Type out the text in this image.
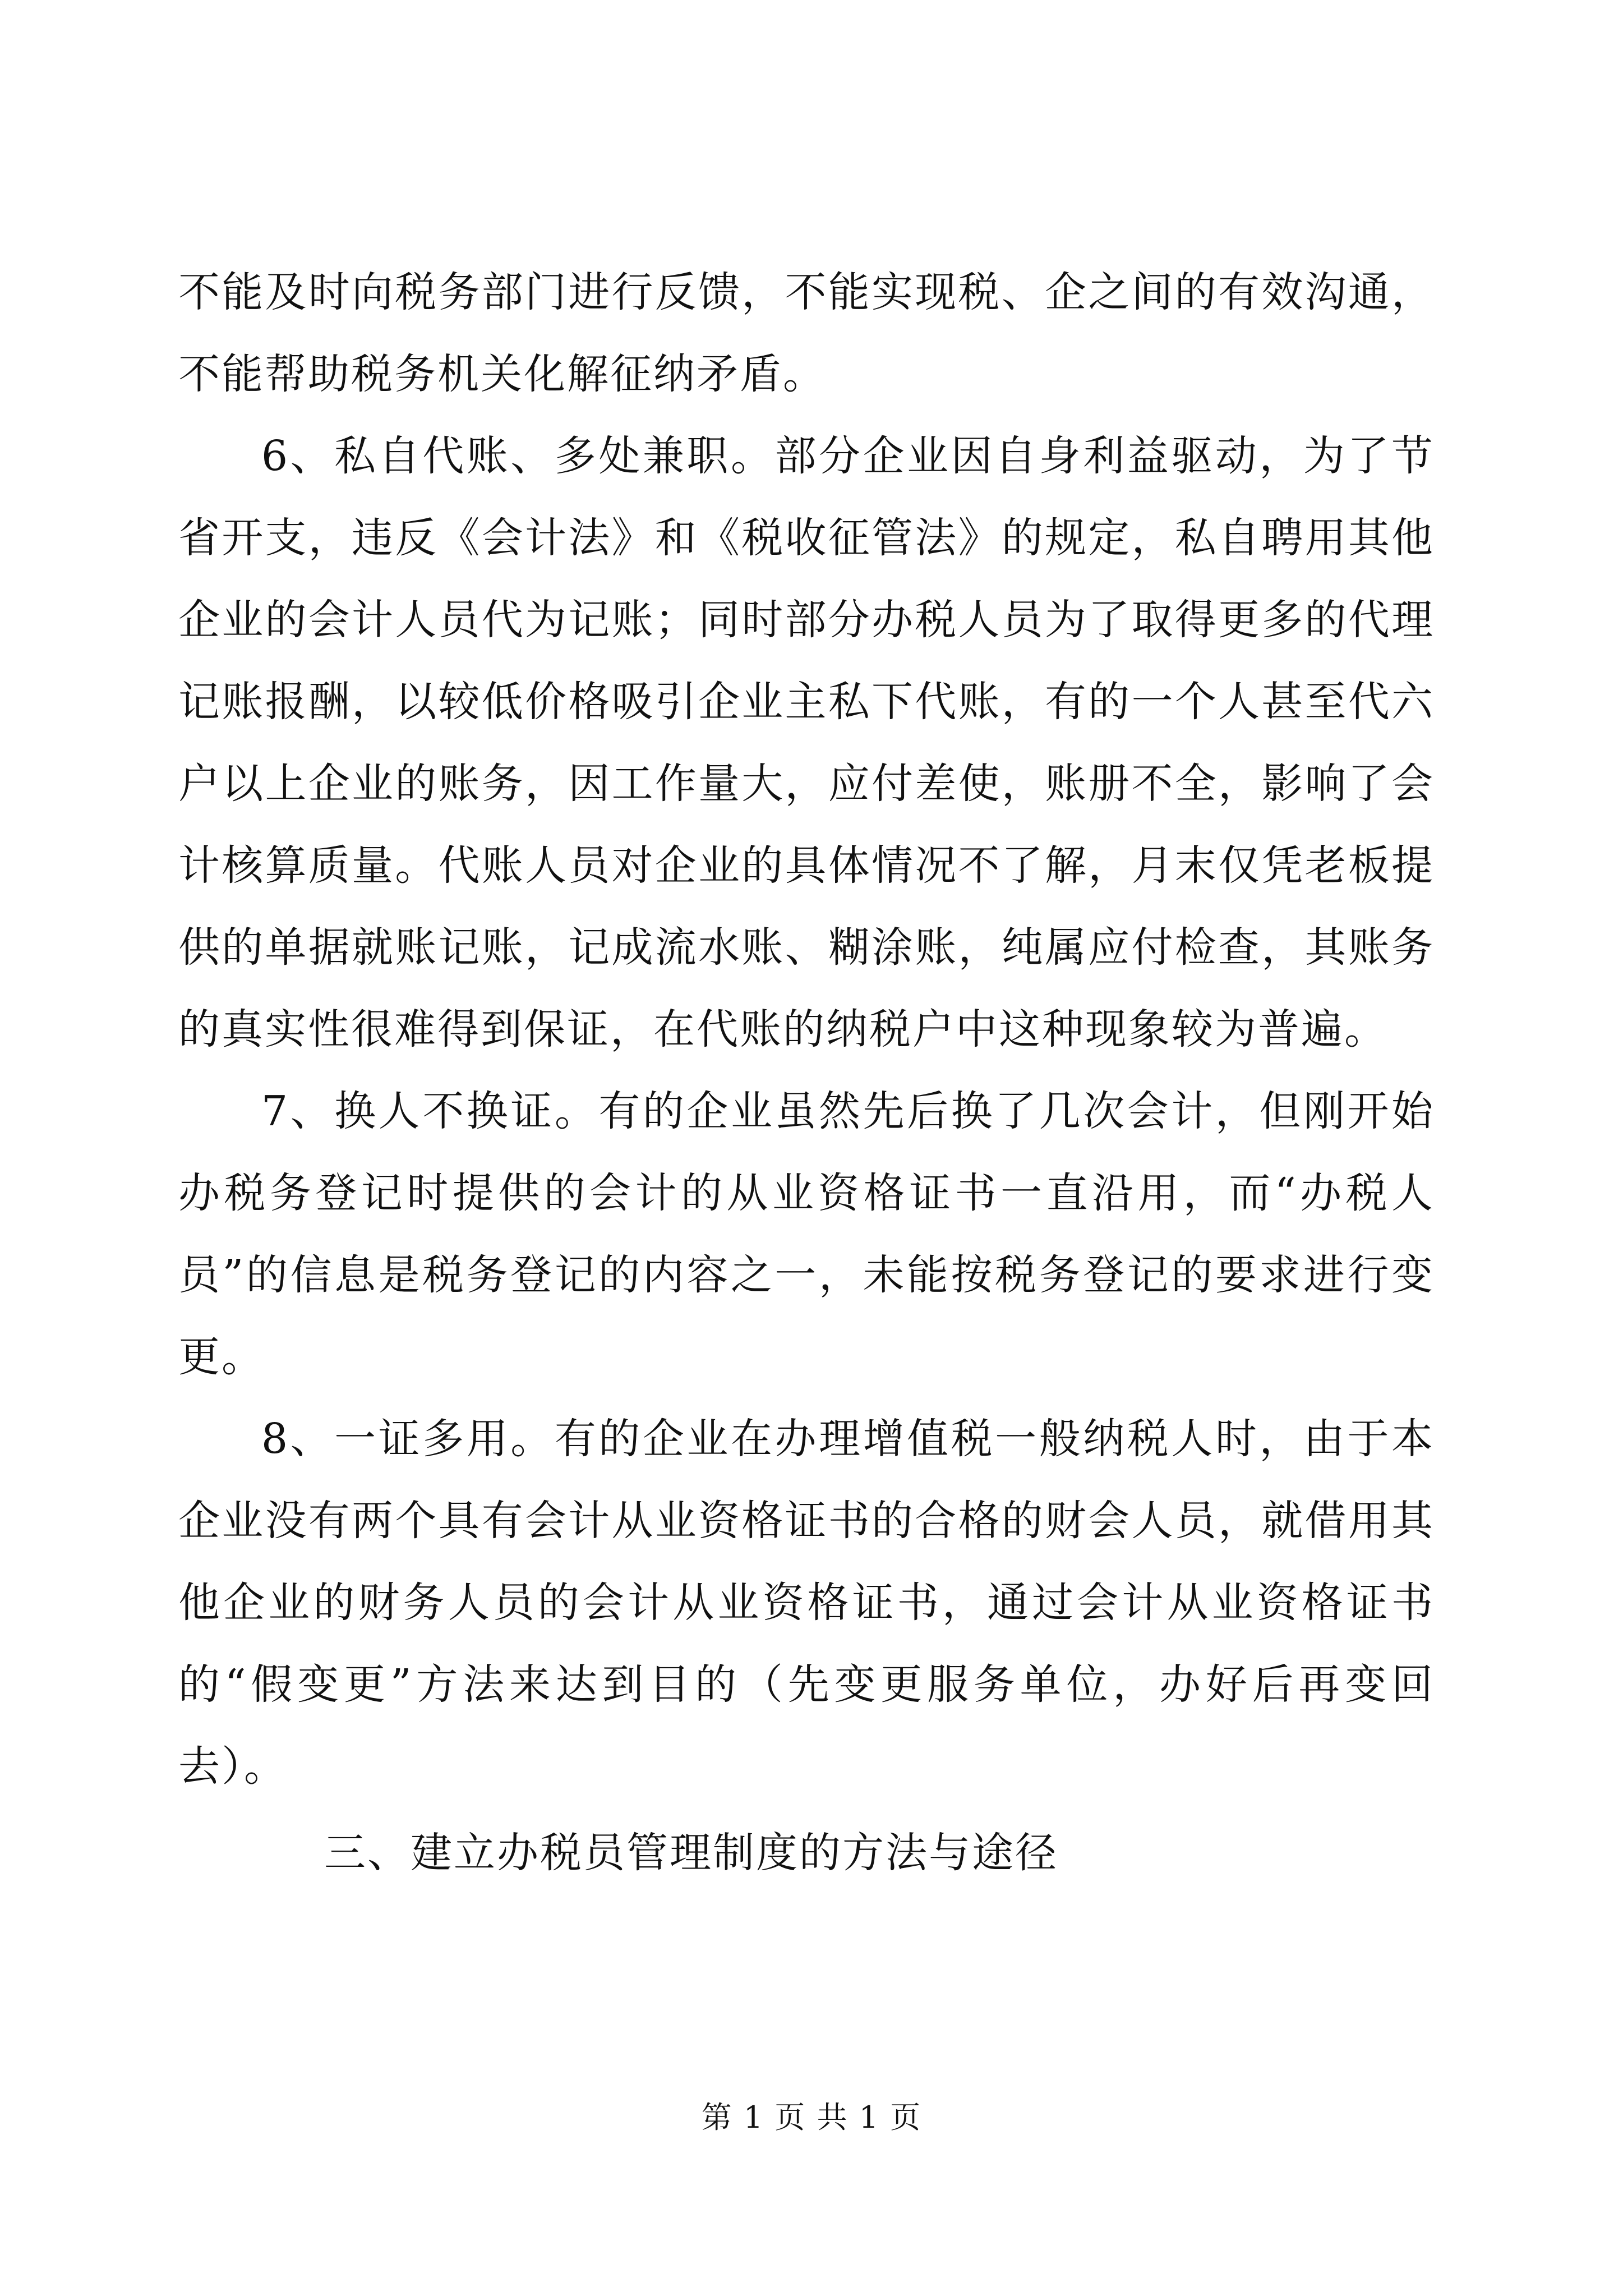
不能及时向税务部门进行反馈，不能实现税、企之间的有效沟通，不能帮助税务机关化解征纳矛盾。

6、私自代账、多处兼职。部分企业因自身利益驱动，为了节省开支，违反《会计法》和《税收征管法》的规定，私自聘用其他企业的会计人员代为记账；同时部分办税人员为了取得更多的代理记账报酬，以较低价格吸引企业主私下代账，有的一个人甚至代六户以上企业的账务，因工作量大，应付差使，账册不全，影响了会计核算质量。代账人员对企业的具体情况不了解，月末仅凭老板提供的单据就账记账，记成流水账、糊涂账，纯属应付检查，其账务的真实性很难得到保证，在代账的纳税户中这种现象较为普遍。

7、换人不换证。有的企业虽然先后换了几次会计，但刚开始办税务登记时提供的会计的从业资格证书一直沿用，而“办税人员”的信息是税务登记的内容之一，未能按税务登记的要求进行变更。

8、一证多用。有的企业在办理增值税一般纳税人时，由于本企业没有两个具有会计从业资格证书的合格的财会人员，就借用其他企业的财务人员的会计从业资格证书，通过会计从业资格证书的“假变更”方法来达到目的（先变更服务单位，办好后再变回去）。

三、建立办税员管理制度的方法与途径

第 1 页 共 1 页
